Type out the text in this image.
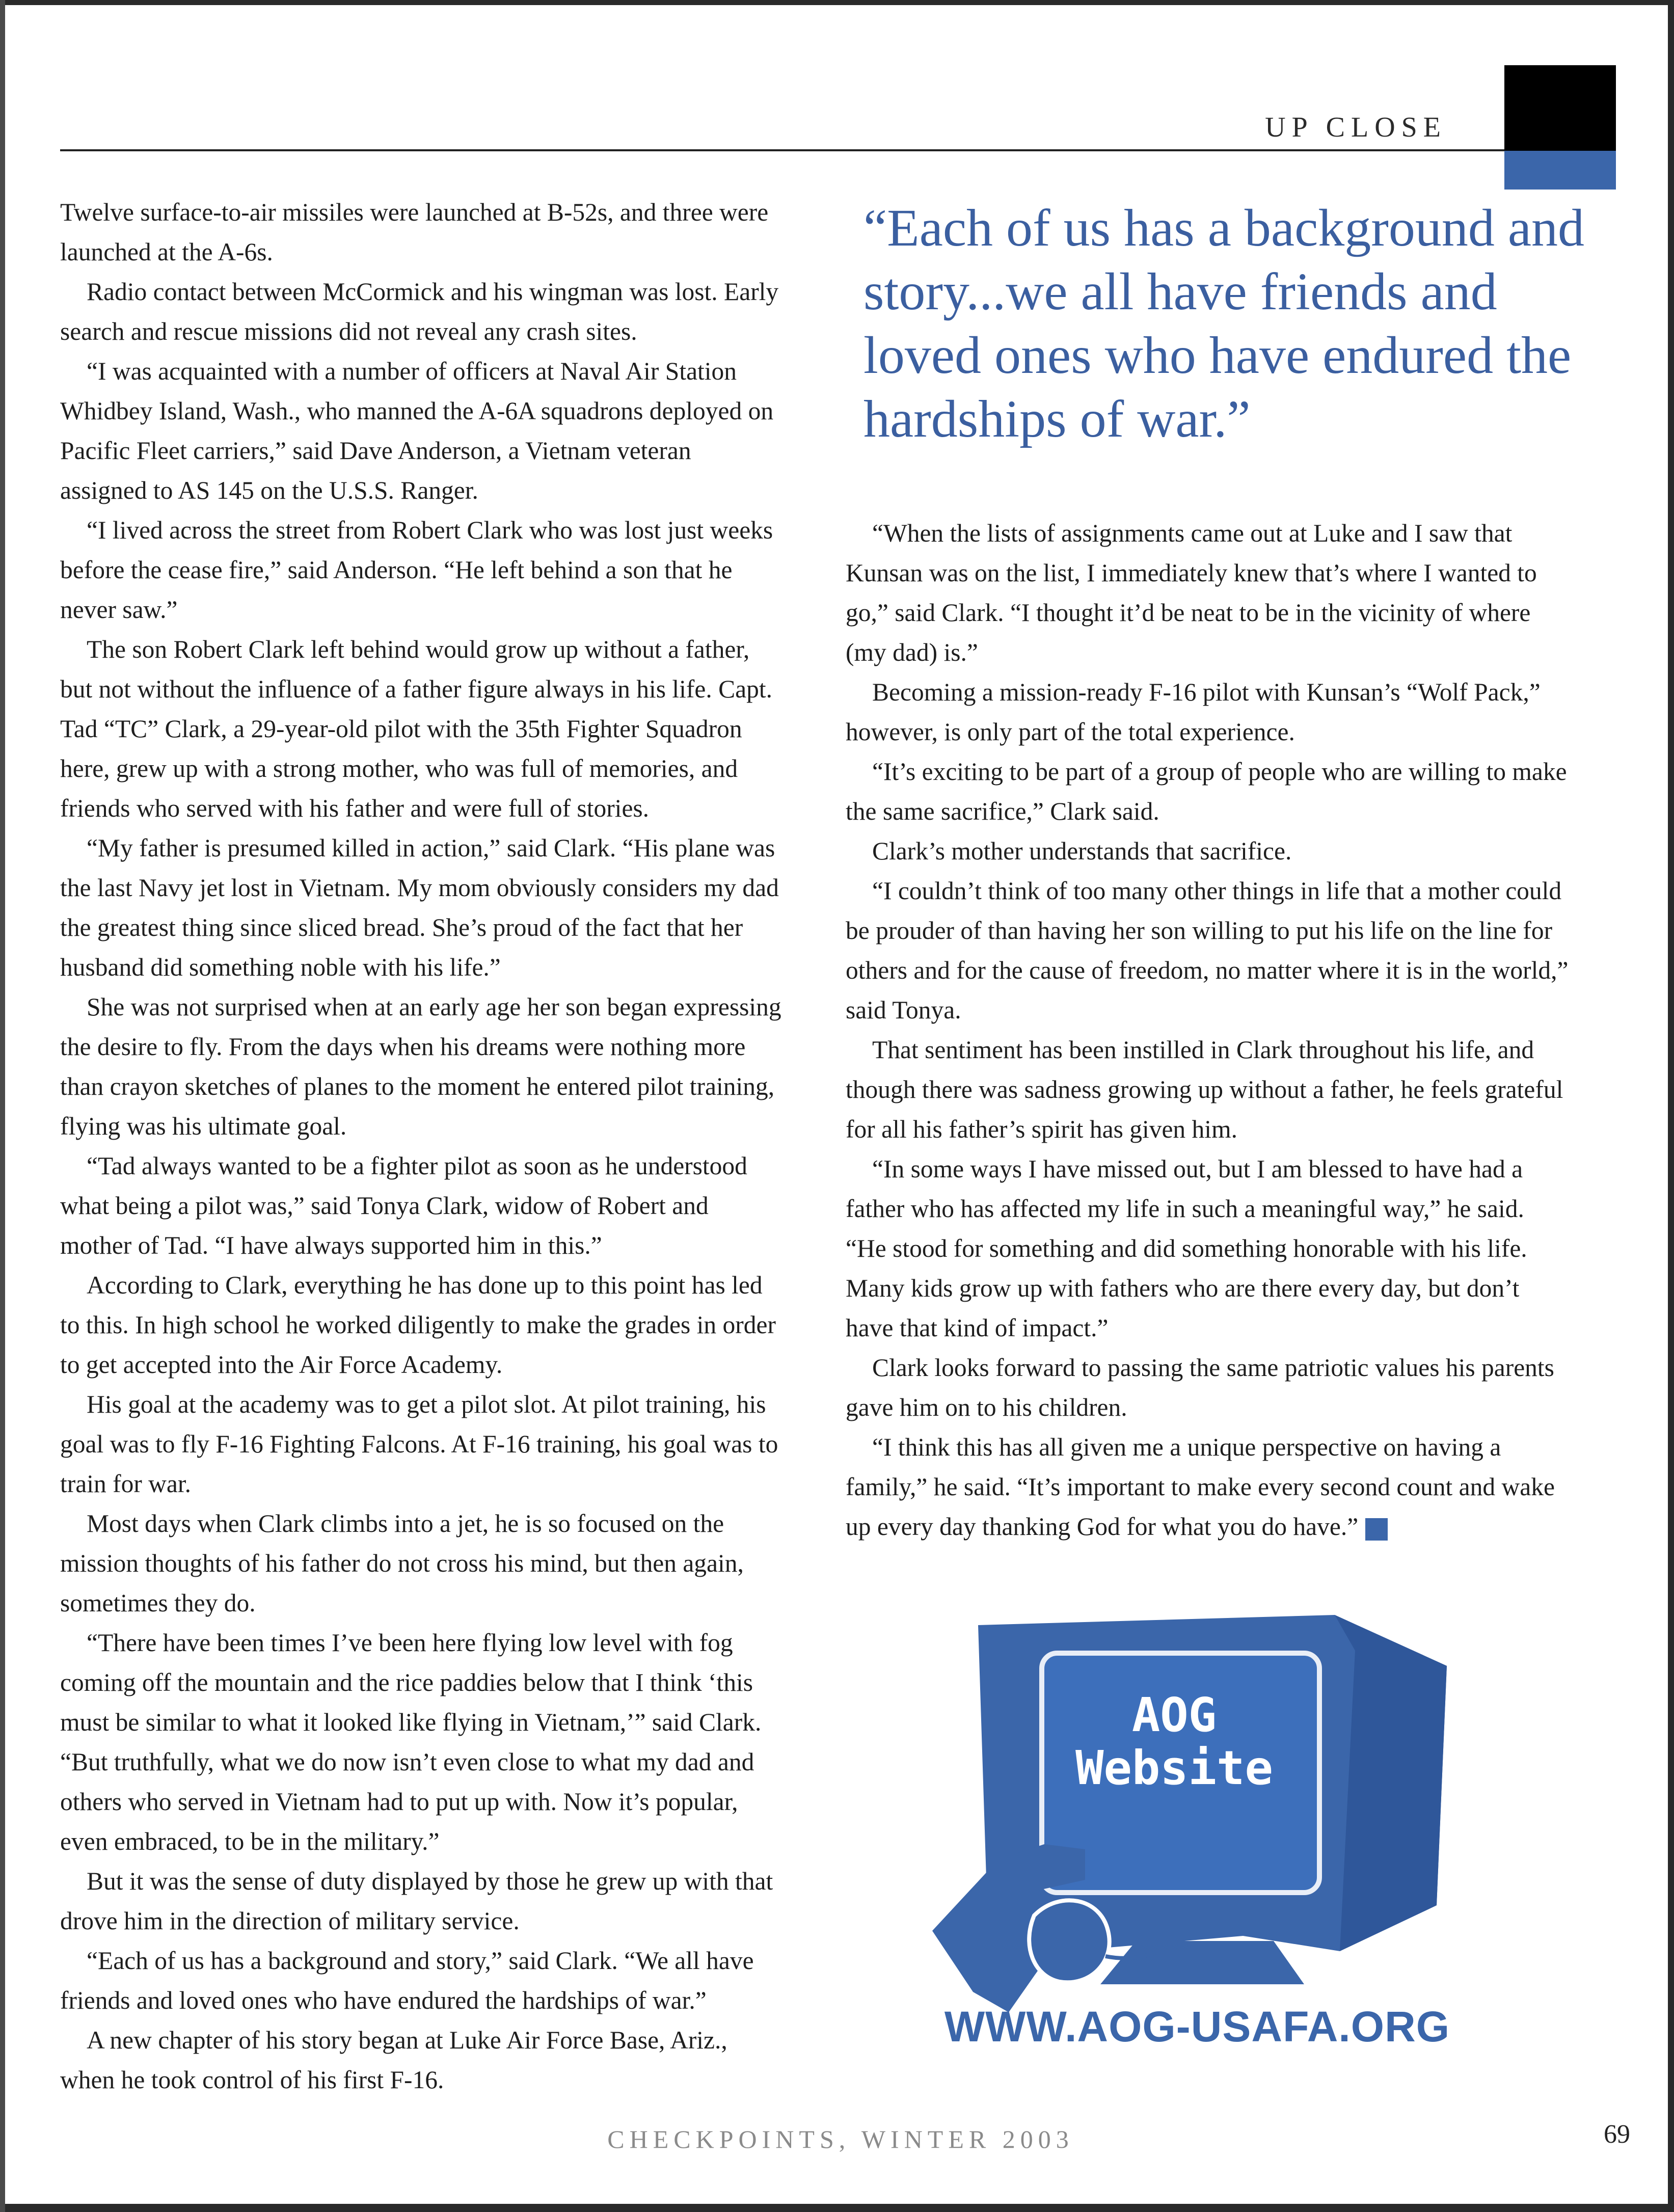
UP CLOSE

Twelve surface-to-air missiles were launched at B-52s, and three were launched at the A-6s.

Radio contact between McCormick and his wingman was lost. Early search and rescue missions did not reveal any crash sites.

“I was acquainted with a number of officers at Naval Air Station Whidbey Island, Wash., who manned the A-6A squadrons deployed on Pacific Fleet carriers,” said Dave Anderson, a Vietnam veteran assigned to AS 145 on the U.S.S. Ranger.

“I lived across the street from Robert Clark who was lost just weeks before the cease fire,” said Anderson. “He left behind a son that he never saw.”

The son Robert Clark left behind would grow up without a father, but not without the influence of a father figure always in his life. Capt. Tad “TC” Clark, a 29-year-old pilot with the 35th Fighter Squadron here, grew up with a strong mother, who was full of memories, and friends who served with his father and were full of stories.

“My father is presumed killed in action,” said Clark. “His plane was the last Navy jet lost in Vietnam. My mom obviously considers my dad the greatest thing since sliced bread. She’s proud of the fact that her husband did something noble with his life.”

She was not surprised when at an early age her son began expressing the desire to fly. From the days when his dreams were nothing more than crayon sketches of planes to the moment he entered pilot training, flying was his ultimate goal.

“Tad always wanted to be a fighter pilot as soon as he understood what being a pilot was,” said Tonya Clark, widow of Robert and mother of Tad. “I have always supported him in this.”

According to Clark, everything he has done up to this point has led to this. In high school he worked diligently to make the grades in order to get accepted into the Air Force Academy.

His goal at the academy was to get a pilot slot. At pilot training, his goal was to fly F-16 Fighting Falcons. At F-16 training, his goal was to train for war.

Most days when Clark climbs into a jet, he is so focused on the mission thoughts of his father do not cross his mind, but then again, sometimes they do.

“There have been times I’ve been here flying low level with fog coming off the mountain and the rice paddies below that I think ‘this must be similar to what it looked like flying in Vietnam,’” said Clark. “But truthfully, what we do now isn’t even close to what my dad and others who served in Vietnam had to put up with. Now it’s popular, even embraced, to be in the military.”

But it was the sense of duty displayed by those he grew up with that drove him in the direction of military service.

“Each of us has a background and story,” said Clark. “We all have friends and loved ones who have endured the hardships of war.”

A new chapter of his story began at Luke Air Force Base, Ariz., when he took control of his first F-16.

“Each of us has a background and story...we all have friends and loved ones who have endured the hardships of war.”

“When the lists of assignments came out at Luke and I saw that Kunsan was on the list, I immediately knew that’s where I wanted to go,” said Clark. “I thought it’d be neat to be in the vicinity of where (my dad) is.”

Becoming a mission-ready F-16 pilot with Kunsan’s “Wolf Pack,” however, is only part of the total experience.

“It’s exciting to be part of a group of people who are willing to make the same sacrifice,” Clark said.

Clark’s mother understands that sacrifice.

“I couldn’t think of too many other things in life that a mother could be prouder of than having her son willing to put his life on the line for others and for the cause of freedom, no matter where it is in the world,” said Tonya.

That sentiment has been instilled in Clark throughout his life, and though there was sadness growing up without a father, he feels grateful for all his father’s spirit has given him.

“In some ways I have missed out, but I am blessed to have had a father who has affected my life in such a meaningful way,” he said. “He stood for something and did something honorable with his life. Many kids grow up with fathers who are there every day, but don’t have that kind of impact.”

Clark looks forward to passing the same patriotic values his parents gave him on to his children.

“I think this has all given me a unique perspective on having a family,” he said. “It’s important to make every second count and wake up every day thanking God for what you do have.” ✓

AOG
Website
WWW.AOG-USAFA.ORG
CHECKPOINTS, WINTER 2003	69
